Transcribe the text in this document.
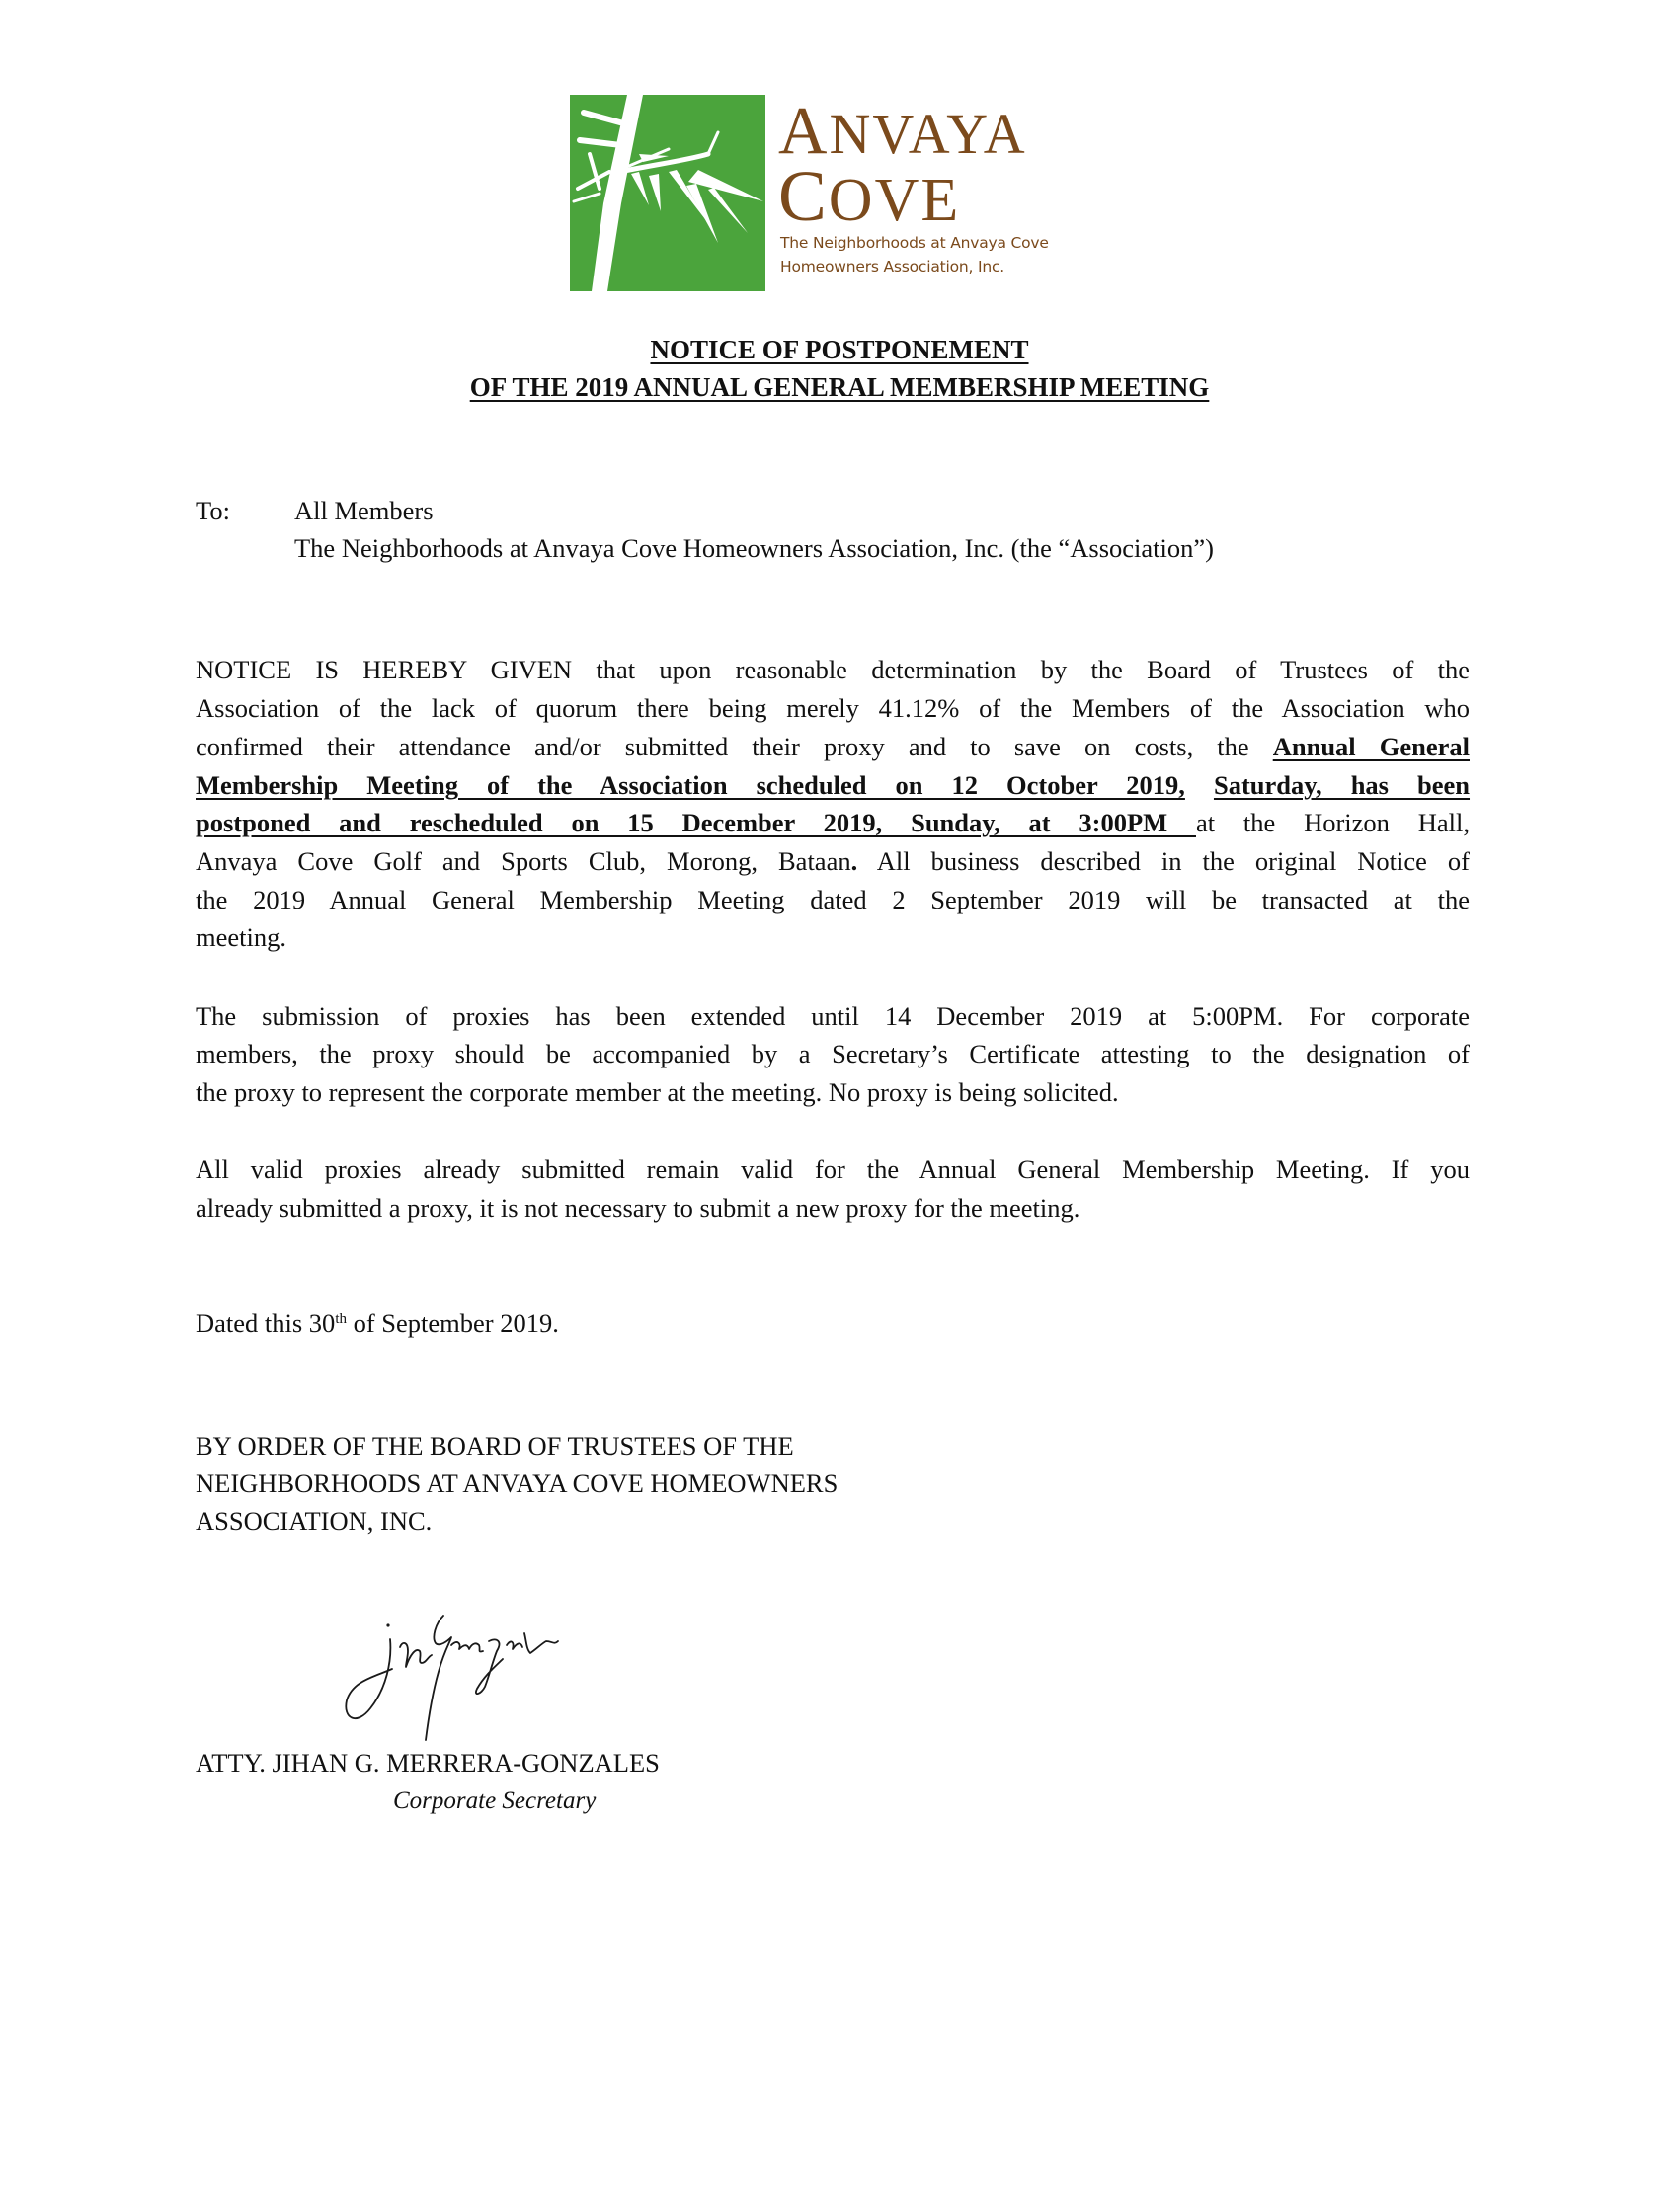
ANVAYA
COVE
The Neighborhoods at Anvaya Cove
Homeowners Association, Inc.
NOTICE OF POSTPONEMENT
OF THE 2019 ANNUAL GENERAL MEMBERSHIP MEETING
To: All Members
The Neighborhoods at Anvaya Cove Homeowners Association, Inc. (the “Association”)
NOTICE IS HEREBY GIVEN that upon reasonable determination by the Board of Trustees of the
Association of the lack of quorum there being merely 41.12% of the Members of the Association who
confirmed their attendance and/or submitted their proxy and to save on costs, the Annual General
Membership Meeting of the Association scheduled on 12 October 2019, Saturday, has been
postponed and rescheduled on 15 December 2019, Sunday, at 3:00PM at the Horizon Hall,
Anvaya Cove Golf and Sports Club, Morong, Bataan. All business described in the original Notice of
the 2019 Annual General Membership Meeting dated 2 September 2019 will be transacted at the
meeting.
The submission of proxies has been extended until 14 December 2019 at 5:00PM. For corporate
members, the proxy should be accompanied by a Secretary’s Certificate attesting to the designation of
the proxy to represent the corporate member at the meeting. No proxy is being solicited.
All valid proxies already submitted remain valid for the Annual General Membership Meeting. If you
already submitted a proxy, it is not necessary to submit a new proxy for the meeting.
Dated this 30th of September 2019.
BY ORDER OF THE BOARD OF TRUSTEES OF THE
NEIGHBORHOODS AT ANVAYA COVE HOMEOWNERS
ASSOCIATION, INC.
ATTY. JIHAN G. MERRERA-GONZALES
Corporate Secretary
